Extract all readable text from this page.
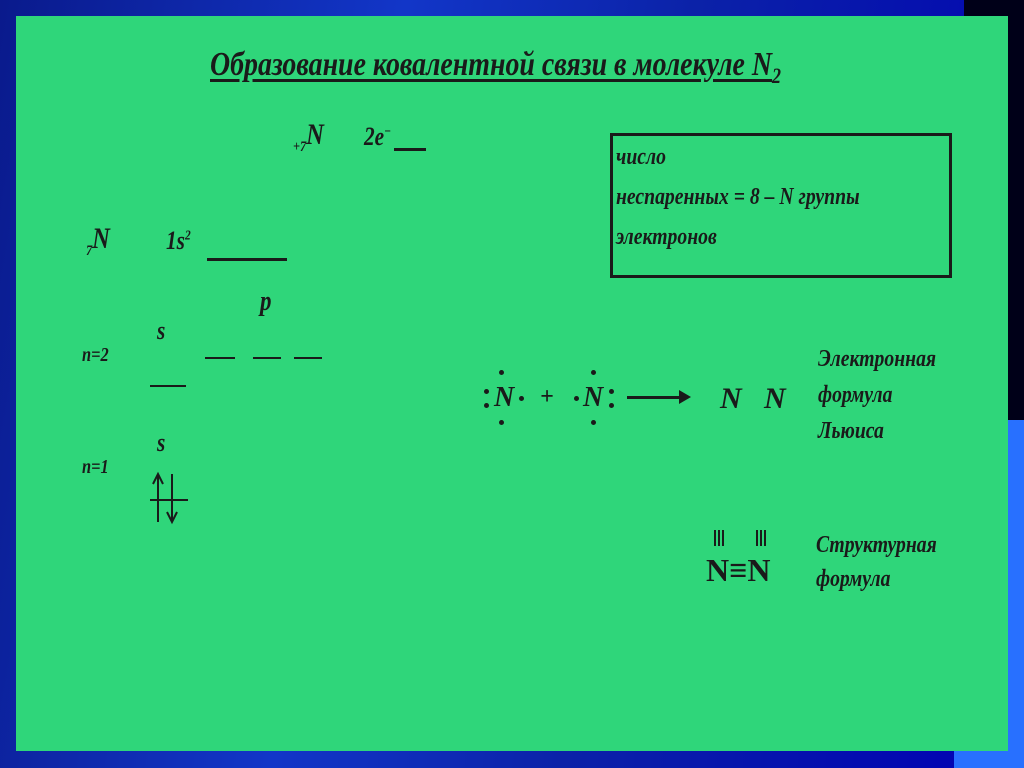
Образование ковалентной связи в молекуле $N_2$
$_{+7}$N 2e−
$_7$N $1s^2$
p
s
n=2
s
n=1
число
неспаренных = 8 – N группы
электронов
N + N	N N
Электронная
формула
Льюиса
N≡N
Структурная
формула
